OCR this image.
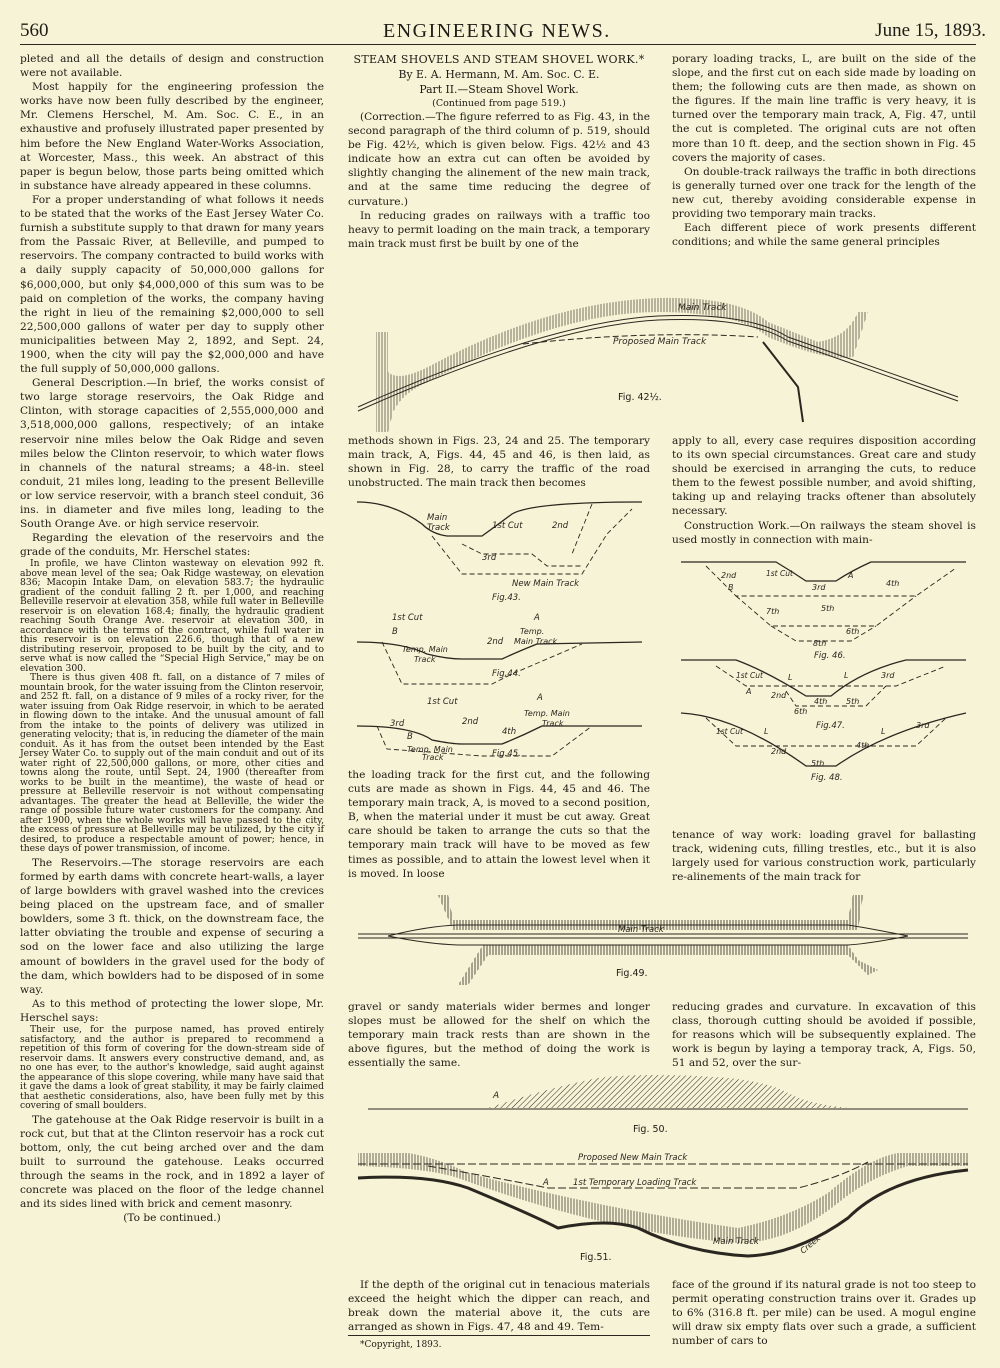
560	ENGINEERING NEWS.	June 15, 1893.

pleted and all the details of design and construction were not available.

Most happily for the engineering profession the works have now been fully described by the engineer, Mr. Clemens Herschel, M. Am. Soc. C. E., in an exhaustive and profusely illustrated paper presented by him before the New England Water-Works Association, at Worcester, Mass., this week. An abstract of this paper is begun below, those parts being omitted which in substance have already appeared in these columns.

For a proper understanding of what follows it needs to be stated that the works of the East Jersey Water Co. furnish a substitute supply to that drawn for many years from the Passaic River, at Belleville, and pumped to reservoirs. The company contracted to build works with a daily supply capacity of 50,000,000 gallons for $6,000,000, but only $4,000,000 of this sum was to be paid on completion of the works, the company having the right in lieu of the remaining $2,000,000 to sell 22,500,000 gallons of water per day to supply other municipalities between May 2, 1892, and Sept. 24, 1900, when the city will pay the $2,000,000 and have the full supply of 50,000,000 gallons.

General Description.—In brief, the works consist of two large storage reservoirs, the Oak Ridge and Clinton, with storage capacities of 2,555,000,000 and 3,518,000,000 gallons, respectively; of an intake reservoir nine miles below the Oak Ridge and seven miles below the Clinton reservoir, to which water flows in channels of the natural streams; a 48-in. steel conduit, 21 miles long, leading to the present Belleville or low service reservoir, with a branch steel conduit, 36 ins. in diameter and five miles long, leading to the South Orange Ave. or high service reservoir.

Regarding the elevation of the reservoirs and the grade of the conduits, Mr. Herschel states:

In profile, we have Clinton wasteway on elevation 992 ft. above mean level of the sea; Oak Ridge wasteway, on elevation 836; Macopin Intake Dam, on elevation 583.7; the hydraulic gradient of the conduit falling 2 ft. per 1,000, and reaching Belleville reservoir at elevation 358, while full water in Belleville reservoir is on elevation 168.4; finally, the hydraulic gradient reaching South Orange Ave. reservoir at elevation 300, in accordance with the terms of the contract, while full water in this reservoir is on elevation 226.6, though that of a new distributing reservoir, proposed to be built by the city, and to serve what is now called the “Special High Service,” may be on elevation 300.

There is thus given 408 ft. fall, on a distance of 7 miles of mountain brook, for the water issuing from the Clinton reservoir, and 252 ft. fall, on a distance of 9 miles of a rocky river, for the water issuing from Oak Ridge reservoir, in which to be aerated in flowing down to the intake. And the unusual amount of fall from the intake to the points of delivery was utilized in generating velocity; that is, in reducing the diameter of the main conduit. As it has from the outset been intended by the East Jersey Water Co. to supply out of the main conduit and out of its water right of 22,500,000 gallons, or more, other cities and towns along the route, until Sept. 24, 1900 (thereafter from works to be built in the meantime), the waste of head or pressure at Belleville reservoir is not without compensating advantages. The greater the head at Belleville, the wider the range of possible future water customers for the company. And after 1900, when the whole works will have passed to the city, the excess of pressure at Belleville may be utilized, by the city if desired, to produce a respectable amount of power; hence, in these days of power transmission, of income.

The Reservoirs.—The storage reservoirs are each formed by earth dams with concrete heart-walls, a layer of large bowlders with gravel washed into the crevices being placed on the upstream face, and of smaller bowlders, some 3 ft. thick, on the downstream face, the latter obviating the trouble and expense of securing a sod on the lower face and also utilizing the large amount of bowlders in the gravel used for the body of the dam, which bowlders had to be disposed of in some way.

As to this method of protecting the lower slope, Mr. Herschel says:

Their use, for the purpose named, has proved entirely satisfactory, and the author is prepared to recommend a repetition of this form of covering for the down-stream side of reservoir dams. It answers every constructive demand, and, as no one has ever, to the author's knowledge, said aught against the appearance of this slope covering, while many have said that it gave the dams a look of great stability, it may be fairly claimed that aesthetic considerations, also, have been fully met by this covering of small boulders.

The gatehouse at the Oak Ridge reservoir is built in a rock cut, but that at the Clinton reservoir has a rock cut bottom, only, the cut being arched over and the dam built to surround the gatehouse. Leaks occurred through the seams in the rock, and in 1892 a layer of concrete was placed on the floor of the ledge channel and its sides lined with brick and cement masonry.

(To be continued.)

STEAM SHOVELS AND STEAM SHOVEL WORK.*

By E. A. Hermann, M. Am. Soc. C. E.

Part II.—Steam Shovel Work.

(Continued from page 519.)

(Correction.—The figure referred to as Fig. 43, in the second paragraph of the third column of p. 519, should be Fig. 42½, which is given below. Figs. 42½ and 43 indicate how an extra cut can often be avoided by slightly changing the alinement of the new main track, and at the same time reducing the degree of curvature.)

In reducing grades on railways with a traffic too heavy to permit loading on the main track, a temporary main track must first be built by one of the

porary loading tracks, L, are built on the side of the slope, and the first cut on each side made by loading on them; the following cuts are then made, as shown on the figures. If the main line traffic is very heavy, it is turned over the temporary main track, A, Fig. 47, until the cut is completed. The original cuts are not often more than 10 ft. deep, and the section shown in Fig. 45 covers the majority of cases.

On double-track railways the traffic in both directions is generally turned over one track for the length of the new cut, thereby avoiding considerable expense in providing two temporary main tracks.

Each different piece of work presents different conditions; and while the same general principles

Main Track
Proposed Main Track
Fig. 42½.

methods shown in Figs. 23, 24 and 25. The temporary main track, A, Figs. 44, 45 and 46, is then laid, as shown in Fig. 28, to carry the traffic of the road unobstructed. The main track then becomes

apply to all, every case requires disposition according to its own special circumstances. Great care and study should be exercised in arranging the cuts, to reduce them to the fewest possible number, and avoid shifting, taking up and relaying tracks oftener than absolutely necessary.

Construction Work.—On railways the steam shovel is used mostly in connection with main-

Main
Track	1st Cut	2nd
3rd
New Main Track
Fig.43.
1st Cut
B
2nd
A
Temp.
Main Track
Temp. Main
Track
Fig,44.
1st Cut	A
Temp. Main
Track
3rd	2nd
4th
B
Temp. Main
Track	Fig.45.
2nd	1st Cut
B	3rd
A
4th
7th	5th
6th
8th
Fig. 46.
1st Cut	L	L	3rd
A 2nd
4th 5th
6th
Fig.47.
1st Cut	L	L
3rd
2nd
4th
5th
Fig. 48.

the loading track for the first cut, and the following cuts are made as shown in Figs. 44, 45 and 46. The temporary main track, A, is moved to a second position, B, when the material under it must be cut away. Great care should be taken to arrange the cuts so that the temporary main track will have to be moved as few times as possible, and to attain the lowest level when it is moved. In loose

tenance of way work: loading gravel for ballasting track, widening cuts, filling trestles, etc., but it is also largely used for various construction work, particularly re-alinements of the main track for

Main Track
Fig.49.

gravel or sandy materials wider bermes and longer slopes must be allowed for the shelf on which the temporary main track rests than are shown in the above figures, but the method of doing the work is essentially the same.

reducing grades and curvature. In excavation of this class, thorough cutting should be avoided if possible, for reasons which will be subsequently explained. The work is begun by laying a temporay track, A, Figs. 50, 51 and 52, over the sur-

A
Fig. 50.
Proposed New Main Track
A	1st Temporary Loading Track
Main Track	Creek
Fig.51.

If the depth of the original cut in tenacious materials exceed the height which the dipper can reach, and break down the material above it, the cuts are arranged as shown in Figs. 47, 48 and 49. Tem-

*Copyright, 1893.

face of the ground if its natural grade is not too steep to permit operating construction trains over it. Grades up to 6% (316.8 ft. per mile) can be used. A mogul engine will draw six empty flats over such a grade, a sufficient number of cars to
